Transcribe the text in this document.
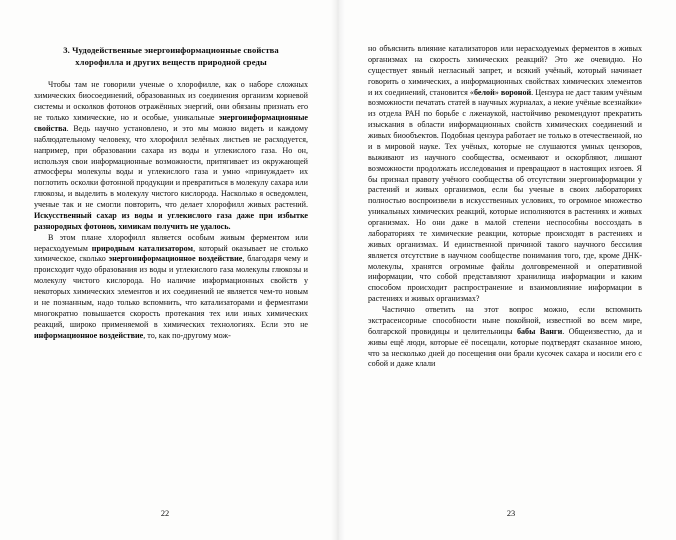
3. Чудодейственные энергоинформационные свойства хлорофилла и других веществ природной среды

Чтобы там не говорили ученые о хлорофилле, как о наборе сложных химических биосоединений, образованных из соединения организм корневой системы и осколков фотонов отражённых энергий, они обязаны признать его не только химические, но и особые, уникальные энергоинформационные свойства. Ведь научно установлено, и это мы можно видеть и каждому наблюдательному человеку, что хлорофилл зелёных листьев не расходуется, например, при образовании сахара из воды и углекислого газа. Но он, используя свои информационные возможности, притягивает из окружающей атмосферы молекулы воды и углекислого газа и умно «принуждает» их поглотить осколки фотонной продукции и превратиться в молекулу сахара или глюкозы, и выделить в молекулу чистого кислорода. Насколько я осведомлен, ученые так и не смогли повторить, что делает хлорофилл живых растений. Искусственный сахар из воды и углекислого газа даже при избытке разнородных фотонов, химикам получить не удалось.

В этом плане хлорофилл является особым живым ферментом или нерасходуемым природным катализатором, который оказывает не столько химическое, сколько энергоинформационное воздействие, благодаря чему и происходит чудо образования из воды и углекислого газа молекулы глюкозы и молекулу чистого кислорода. Но наличие информационных свойств у некоторых химических элементов и их соединений не является чем-то новым и не познанным, надо только вспомнить, что катализаторами и ферментами многократно повышается скорость протекания тех или иных химических реакций, широко применяемой в химических технологиях. Если это не информационное воздействие, то, как по-другому мож-

22

но объяснить влияние катализаторов или нерасходуемых ферментов в живых организмах на скорость химических реакций? Это же очевидно. Но существует явный негласный запрет, и всякий учёный, который начинает говорить о химических, а информационных свойствах химических элементов и их соединений, становится «белой» вороной. Цензура не даст таким учёным возможности печатать статей в научных журналах, а некие учёные всезнайки» из отдела РАН по борьбе с лженаукой, настойчиво рекомендуют прекратить изыскания в области информационных свойств химических соединений и живых биообъектов. Подобная цензура работает не только в отечественной, но и в мировой науке. Тех учёных, которые не слушаются умных цензоров, выживают из научного сообщества, осмеивают и оскорбляют, лишают возможности продолжать исследования и превращают в настоящих изгоев. Я бы признал правоту учёного сообщества об отсутствии энергоинформации у растений и живых организмов, если бы ученые в своих лабораториях полностью воспроизвели в искусственных условиях, то огромное множество уникальных химических реакций, которые исполняются в растениях и живых организмах. Но они даже в малой степени неспособны воссоздать в лабораториях те химические реакции, которые происходят в растениях и живых организмах. И единственной причиной такого научного бессилия является отсутствие в научном сообществе понимания того, где, кроме ДНК-молекулы, хранятся огромные файлы долговременной и оперативной информации, что собой представляют хранилища информации и каким способом происходит распространение и взаимовлияние информации в растениях и живых организмах?

Частично ответить на этот вопрос можно, если вспомнить экстрасенсорные способности ныне покойной, известной во всем мире, болгарской провидицы и целительницы бабы Ванги. Общеизвестно, да и живы ещё люди, которые её посещали, которые подтвердят сказанное мною, что за несколько дней до посещения они брали кусочек сахара и носили его с собой и даже клали

23
